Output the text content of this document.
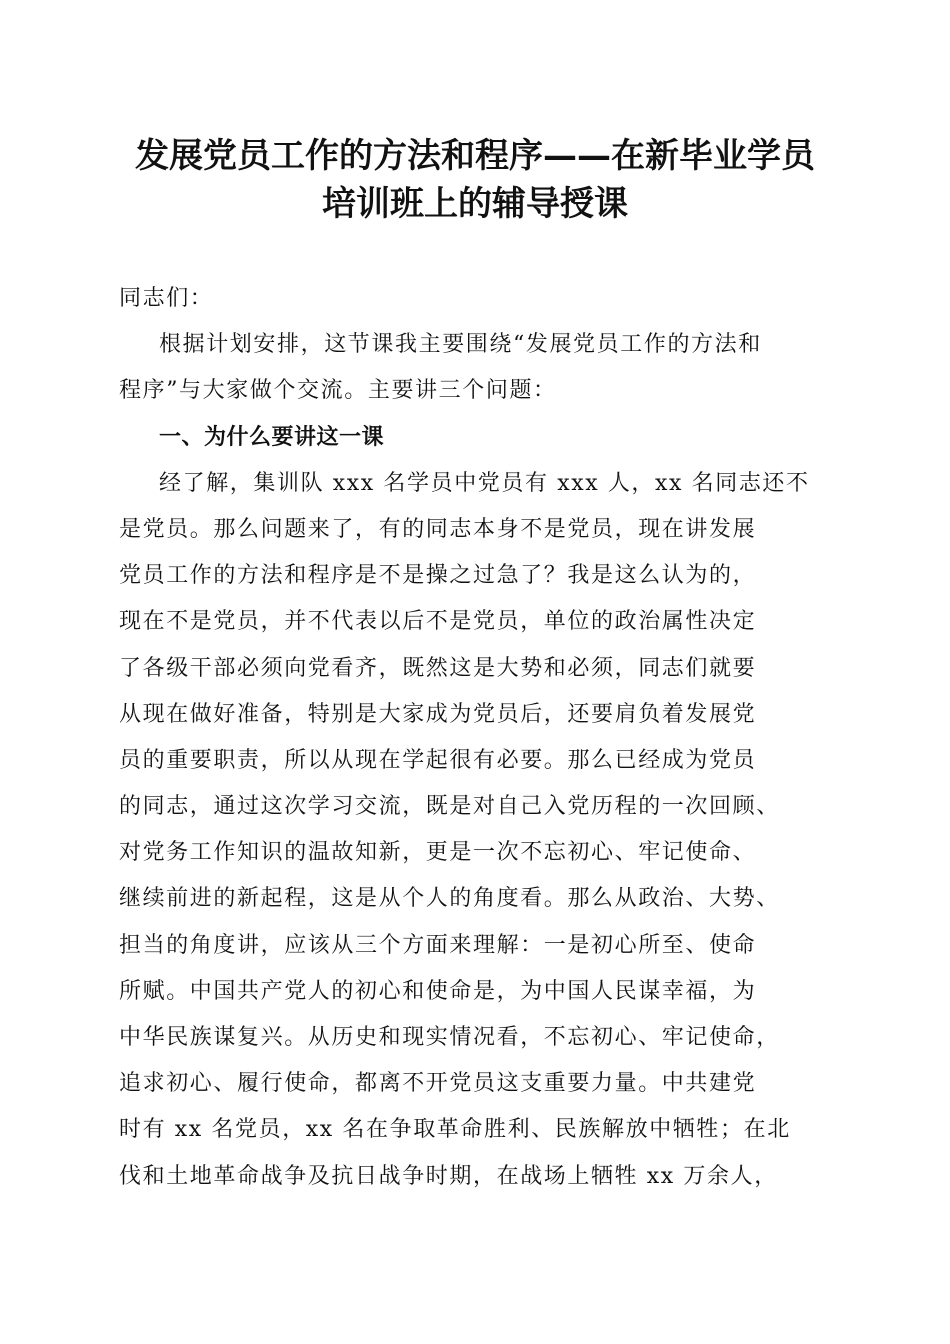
发展党员工作的方法和程序——在新毕业学员
培训班上的辅导授课
同志们：
根据计划安排，这节课我主要围绕“发展党员工作的方法和
程序”与大家做个交流。主要讲三个问题：
一、为什么要讲这一课
经了解，集训队 xxx 名学员中党员有 xxx 人，xx 名同志还不
是党员。那么问题来了，有的同志本身不是党员，现在讲发展
党员工作的方法和程序是不是操之过急了？我是这么认为的，
现在不是党员，并不代表以后不是党员，单位的政治属性决定
了各级干部必须向党看齐，既然这是大势和必须，同志们就要
从现在做好准备，特别是大家成为党员后，还要肩负着发展党
员的重要职责，所以从现在学起很有必要。那么已经成为党员
的同志，通过这次学习交流，既是对自己入党历程的一次回顾、
对党务工作知识的温故知新，更是一次不忘初心、牢记使命、
继续前进的新起程，这是从个人的角度看。那么从政治、大势、
担当的角度讲，应该从三个方面来理解：一是初心所至、使命
所赋。中国共产党人的初心和使命是，为中国人民谋幸福，为
中华民族谋复兴。从历史和现实情况看，不忘初心、牢记使命，
追求初心、履行使命，都离不开党员这支重要力量。中共建党
时有 xx 名党员，xx 名在争取革命胜利、民族解放中牺牲；在北
伐和土地革命战争及抗日战争时期，在战场上牺牲 xx 万余人，
